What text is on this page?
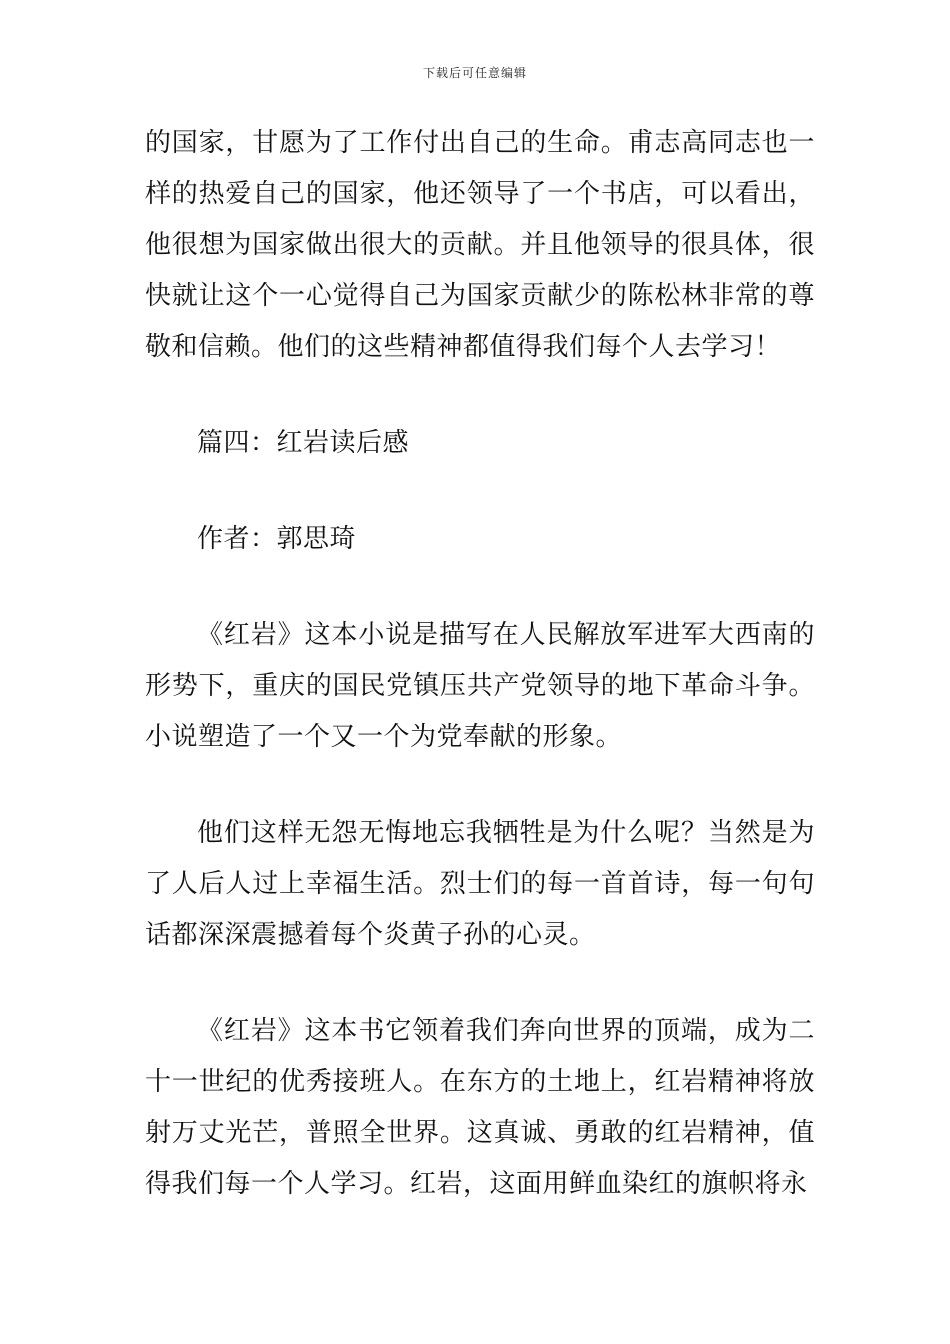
下载后可任意编辑

的国家，甘愿为了工作付出自己的生命。甫志高同志也一样的热爱自己的国家，他还领导了一个书店，可以看出，他很想为国家做出很大的贡献。并且他领导的很具体，很快就让这个一心觉得自己为国家贡献少的陈松林非常的尊敬和信赖。他们的这些精神都值得我们每个人去学习！

篇四：红岩读后感

作者：郭思琦

《红岩》这本小说是描写在人民解放军进军大西南的形势下，重庆的国民党镇压共产党领导的地下革命斗争。小说塑造了一个又一个为党奉献的形象。

他们这样无怨无悔地忘我牺牲是为什么呢？当然是为了人后人过上幸福生活。烈士们的每一首首诗，每一句句话都深深震撼着每个炎黄子孙的心灵。

《红岩》这本书它领着我们奔向世界的顶端，成为二十一世纪的优秀接班人。在东方的土地上，红岩精神将放射万丈光芒，普照全世界。这真诚、勇敢的红岩精神，值得我们每一个人学习。红岩，这面用鲜血染红的旗帜将永
